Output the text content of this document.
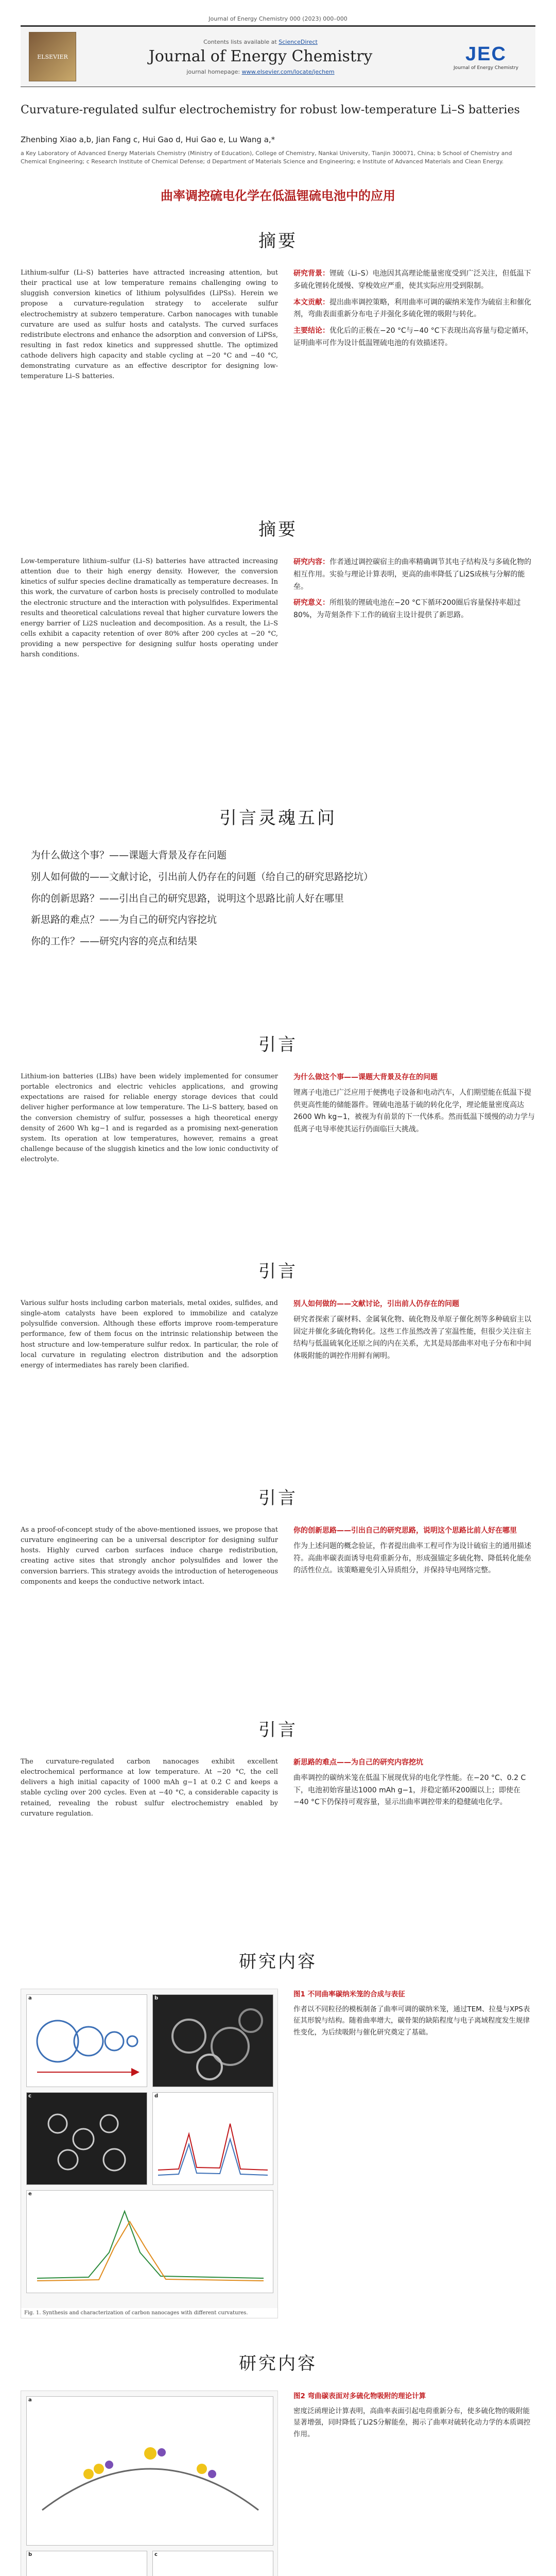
Journal of Energy Chemistry 000 (2023) 000–000
ELSEVIER
Contents lists available at ScienceDirect
Journal of Energy Chemistry
journal homepage: www.elsevier.com/locate/jechem
JEC
Journal of Energy Chemistry
Curvature-regulated sulfur electrochemistry for robust low-temperature Li–S batteries
Zhenbing Xiao a,b, Jian Fang c, Hui Gao d, Hui Gao e, Lu Wang a,*
a Key Laboratory of Advanced Energy Materials Chemistry (Ministry of Education), College of Chemistry, Nankai University, Tianjin 300071, China; b School of Chemistry and Chemical Engineering; c Research Institute of Chemical Defense; d Department of Materials Science and Engineering; e Institute of Advanced Materials and Clean Energy.
曲率调控硫电化学在低温锂硫电池中的应用
摘要
Lithium-sulfur (Li–S) batteries have attracted increasing attention, but their practical use at low temperature remains challenging owing to sluggish conversion kinetics of lithium polysulfides (LiPSs). Herein we propose a curvature-regulation strategy to accelerate sulfur electrochemistry at subzero temperature. Carbon nanocages with tunable curvature are used as sulfur hosts and catalysts. The curved surfaces redistribute electrons and enhance the adsorption and conversion of LiPSs, resulting in fast redox kinetics and suppressed shuttle. The optimized cathode delivers high capacity and stable cycling at −20 °C and −40 °C, demonstrating curvature as an effective descriptor for designing low-temperature Li–S batteries.

研究背景：锂硫（Li–S）电池因其高理论能量密度受到广泛关注，但低温下多硫化锂转化缓慢、穿梭效应严重，使其实际应用受到限制。

本文贡献：提出曲率调控策略，利用曲率可调的碳纳米笼作为硫宿主和催化剂，弯曲表面重新分布电子并强化多硫化锂的吸附与转化。

主要结论：优化后的正极在−20 °C与−40 °C下表现出高容量与稳定循环，证明曲率可作为设计低温锂硫电池的有效描述符。

摘要
Low-temperature lithium–sulfur (Li–S) batteries have attracted increasing attention due to their high energy density. However, the conversion kinetics of sulfur species decline dramatically as temperature decreases. In this work, the curvature of carbon hosts is precisely controlled to modulate the electronic structure and the interaction with polysulfides. Experimental results and theoretical calculations reveal that higher curvature lowers the energy barrier of Li2S nucleation and decomposition. As a result, the Li–S cells exhibit a capacity retention of over 80% after 200 cycles at −20 °C, providing a new perspective for designing sulfur hosts operating under harsh conditions.

研究内容：作者通过调控碳宿主的曲率精确调节其电子结构及与多硫化物的相互作用。实验与理论计算表明，更高的曲率降低了Li2S成核与分解的能垒。

研究意义：所组装的锂硫电池在−20 °C下循环200圈后容量保持率超过80%，为苛刻条件下工作的硫宿主设计提供了新思路。

引言灵魂五问
为什么做这个事？——课题大背景及存在问题
别人如何做的——文献讨论，引出前人仍存在的问题（给自己的研究思路挖坑）
你的创新思路？——引出自己的研究思路，说明这个思路比前人好在哪里
新思路的难点？——为自己的研究内容挖坑
你的工作？——研究内容的亮点和结果
引言
Lithium-ion batteries (LIBs) have been widely implemented for consumer portable electronics and electric vehicles applications, and growing expectations are raised for reliable energy storage devices that could deliver higher performance at low temperature. The Li–S battery, based on the conversion chemistry of sulfur, possesses a high theoretical energy density of 2600 Wh kg−1 and is regarded as a promising next-generation system. Its operation at low temperatures, however, remains a great challenge because of the sluggish kinetics and the low ionic conductivity of electrolyte.
为什么做这个事——课题大背景及存在的问题

锂离子电池已广泛应用于便携电子设备和电动汽车，人们期望能在低温下提供更高性能的储能器件。锂硫电池基于硫的转化化学，理论能量密度高达2600 Wh kg−1，被视为有前景的下一代体系。然而低温下缓慢的动力学与低离子电导率使其运行仍面临巨大挑战。

引言
Various sulfur hosts including carbon materials, metal oxides, sulfides, and single-atom catalysts have been explored to immobilize and catalyze polysulfide conversion. Although these efforts improve room-temperature performance, few of them focus on the intrinsic relationship between the host structure and low-temperature sulfur redox. In particular, the role of local curvature in regulating electron distribution and the adsorption energy of intermediates has rarely been clarified.
别人如何做的——文献讨论，引出前人仍存在的问题

研究者探索了碳材料、金属氧化物、硫化物及单原子催化剂等多种硫宿主以固定并催化多硫化物转化。这些工作虽然改善了室温性能，但很少关注宿主结构与低温硫氧化还原之间的内在关系，尤其是局部曲率对电子分布和中间体吸附能的调控作用鲜有阐明。

引言
As a proof-of-concept study of the above-mentioned issues, we propose that curvature engineering can be a universal descriptor for designing sulfur hosts. Highly curved carbon surfaces induce charge redistribution, creating active sites that strongly anchor polysulfides and lower the conversion barriers. This strategy avoids the introduction of heterogeneous components and keeps the conductive network intact.
你的创新思路——引出自己的研究思路，说明这个思路比前人好在哪里

作为上述问题的概念验证，作者提出曲率工程可作为设计硫宿主的通用描述符。高曲率碳表面诱导电荷重新分布，形成强锚定多硫化物、降低转化能垒的活性位点。该策略避免引入异质组分，并保持导电网络完整。

引言
The curvature-regulated carbon nanocages exhibit excellent electrochemical performance at low temperature. At −20 °C, the cell delivers a high initial capacity of 1000 mAh g−1 at 0.2 C and keeps a stable cycling over 200 cycles. Even at −40 °C, a considerable capacity is retained, revealing the robust sulfur electrochemistry enabled by curvature regulation.
新思路的难点——为自己的研究内容挖坑

曲率调控的碳纳米笼在低温下展现优异的电化学性能。在−20 °C、0.2 C下，电池初始容量达1000 mAh g−1，并稳定循环200圈以上；即使在−40 °C下仍保持可观容量，显示出曲率调控带来的稳健硫电化学。

研究内容
a	b
c	d
e
Fig. 1. Synthesis and characterization of carbon nanocages with different curvatures.

图1 不同曲率碳纳米笼的合成与表征

作者以不同粒径的模板制备了曲率可调的碳纳米笼，通过TEM、拉曼与XPS表征其形貌与结构。随着曲率增大，碳骨架的缺陷程度与电子离域程度发生规律性变化，为后续吸附与催化研究奠定了基础。

研究内容
a
b	c

图2 弯曲碳表面对多硫化物吸附的理论计算

密度泛函理论计算表明，高曲率表面引起电荷重新分布，使多硫化物的吸附能显著增强，同时降低了Li2S分解能垒，揭示了曲率对硫转化动力学的本质调控作用。
